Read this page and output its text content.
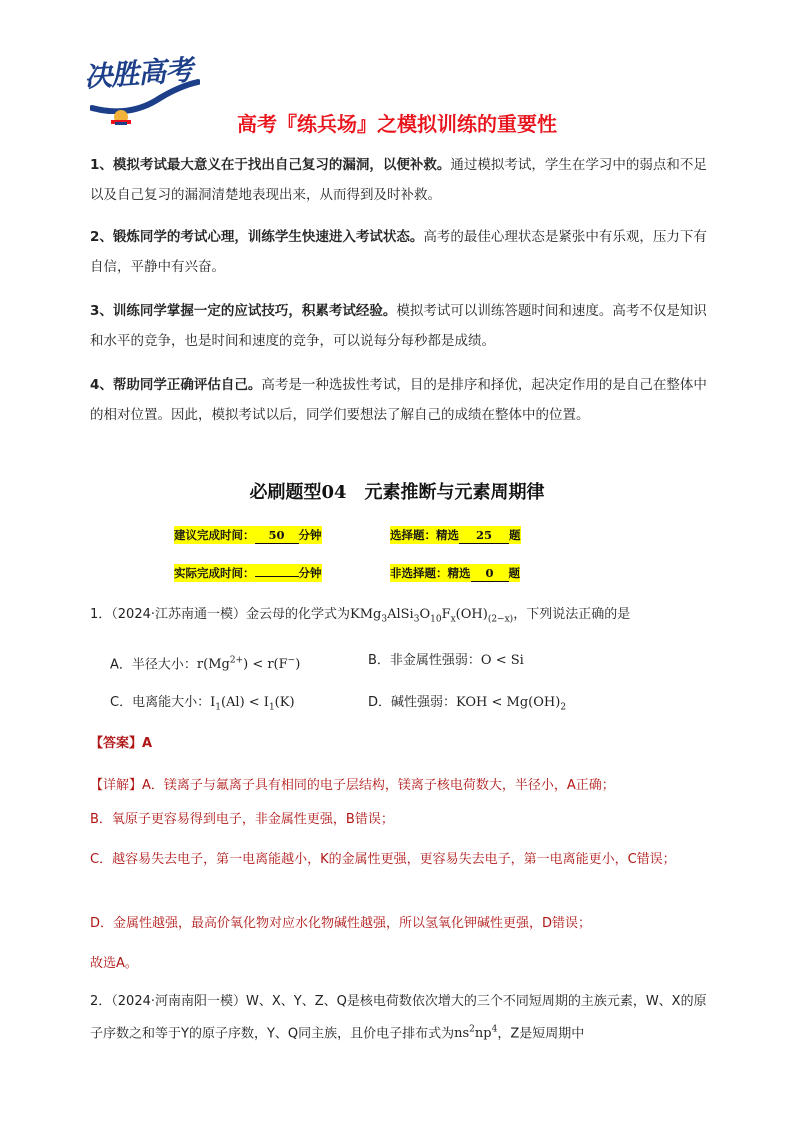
决胜高考
高考『练兵场』之模拟训练的重要性

1、模拟考试最大意义在于找出自己复习的漏洞，以便补救。通过模拟考试，学生在学习中的弱点和不足以及自己复习的漏洞清楚地表现出来，从而得到及时补救。

2、锻炼同学的考试心理，训练学生快速进入考试状态。高考的最佳心理状态是紧张中有乐观，压力下有自信，平静中有兴奋。

3、训练同学掌握一定的应试技巧，积累考试经验。模拟考试可以训练答题时间和速度。高考不仅是知识和水平的竞争，也是时间和速度的竞争，可以说每分每秒都是成绩。

4、帮助同学正确评估自己。高考是一种选拔性考试，目的是排序和择优，起决定作用的是自己在整体中的相对位置。因此，模拟考试以后，同学们要想法了解自己的成绩在整体中的位置。

必刷题型04　元素推断与元素周期律
建议完成时间： 50 分钟	选择题：精选 25 题
实际完成时间：	分钟	非选择题：精选 0 题
1．（2024·江苏南通一模）金云母的化学式为$KMg_3AlSi_3O_{10}F_x(OH)_{(2-x)}$，下列说法正确的是
A．半径大小：$r(Mg^{2+}) < r(F^-)$	B．非金属性强弱：O < Si
C．电离能大小：$I_1(Al) < I_1(K)$	D．碱性强弱：KOH < $Mg(OH)_2$

【答案】A

【详解】A．镁离子与氟离子具有相同的电子层结构，镁离子核电荷数大，半径小，A正确；

B．氧原子更容易得到电子，非金属性更强，B错误；

C．越容易失去电子，第一电离能越小，K的金属性更强，更容易失去电子，第一电离能更小，C错误；

D．金属性越强，最高价氧化物对应水化物碱性越强，所以氢氧化钾碱性更强，D错误；

故选A。

2．（2024·河南南阳一模）W、X、Y、Z、Q是核电荷数依次增大的三个不同短周期的主族元素，W、X的原子序数之和等于Y的原子序数，Y、Q同主族，且价电子排布式为$ns^2np^4$，Z是短周期中
